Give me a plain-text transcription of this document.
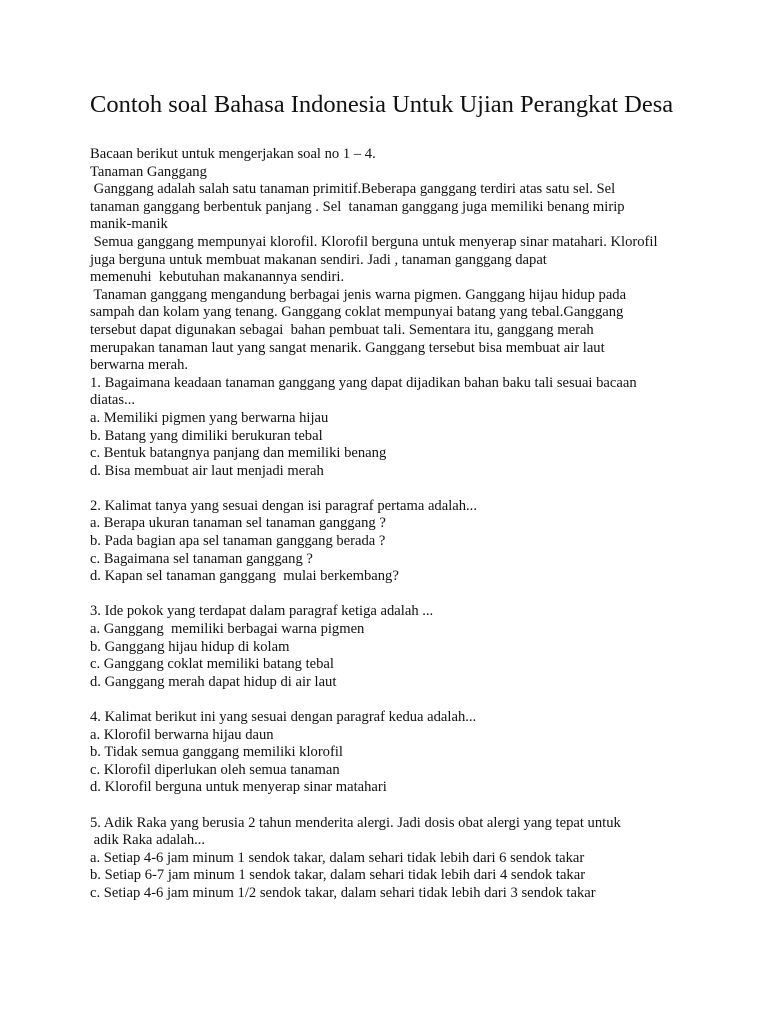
Contoh soal Bahasa Indonesia Untuk Ujian Perangkat Desa
Bacaan berikut untuk mengerjakan soal no 1 – 4.
Tanaman Ganggang
Ganggang adalah salah satu tanaman primitif.Beberapa ganggang terdiri atas satu sel. Sel
tanaman ganggang berbentuk panjang . Sel  tanaman ganggang juga memiliki benang mirip
manik-manik
Semua ganggang mempunyai klorofil. Klorofil berguna untuk menyerap sinar matahari. Klorofil
juga berguna untuk membuat makanan sendiri. Jadi , tanaman ganggang dapat
memenuhi  kebutuhan makanannya sendiri.
Tanaman ganggang mengandung berbagai jenis warna pigmen. Ganggang hijau hidup pada
sampah dan kolam yang tenang. Ganggang coklat mempunyai batang yang tebal.Ganggang
tersebut dapat digunakan sebagai  bahan pembuat tali. Sementara itu, ganggang merah
merupakan tanaman laut yang sangat menarik. Ganggang tersebut bisa membuat air laut
berwarna merah.
1. Bagaimana keadaan tanaman ganggang yang dapat dijadikan bahan baku tali sesuai bacaan
diatas...
a. Memiliki pigmen yang berwarna hijau
b. Batang yang dimiliki berukuran tebal
c. Bentuk batangnya panjang dan memiliki benang
d. Bisa membuat air laut menjadi merah
2. Kalimat tanya yang sesuai dengan isi paragraf pertama adalah...
a. Berapa ukuran tanaman sel tanaman ganggang ?
b. Pada bagian apa sel tanaman ganggang berada ?
c. Bagaimana sel tanaman ganggang ?
d. Kapan sel tanaman ganggang  mulai berkembang?
3. Ide pokok yang terdapat dalam paragraf ketiga adalah ...
a. Ganggang  memiliki berbagai warna pigmen
b. Ganggang hijau hidup di kolam
c. Ganggang coklat memiliki batang tebal
d. Ganggang merah dapat hidup di air laut
4. Kalimat berikut ini yang sesuai dengan paragraf kedua adalah...
a. Klorofil berwarna hijau daun
b. Tidak semua ganggang memiliki klorofil
c. Klorofil diperlukan oleh semua tanaman
d. Klorofil berguna untuk menyerap sinar matahari
5. Adik Raka yang berusia 2 tahun menderita alergi. Jadi dosis obat alergi yang tepat untuk
adik Raka adalah...
a. Setiap 4-6 jam minum 1 sendok takar, dalam sehari tidak lebih dari 6 sendok takar
b. Setiap 6-7 jam minum 1 sendok takar, dalam sehari tidak lebih dari 4 sendok takar
c. Setiap 4-6 jam minum 1/2 sendok takar, dalam sehari tidak lebih dari 3 sendok takar
